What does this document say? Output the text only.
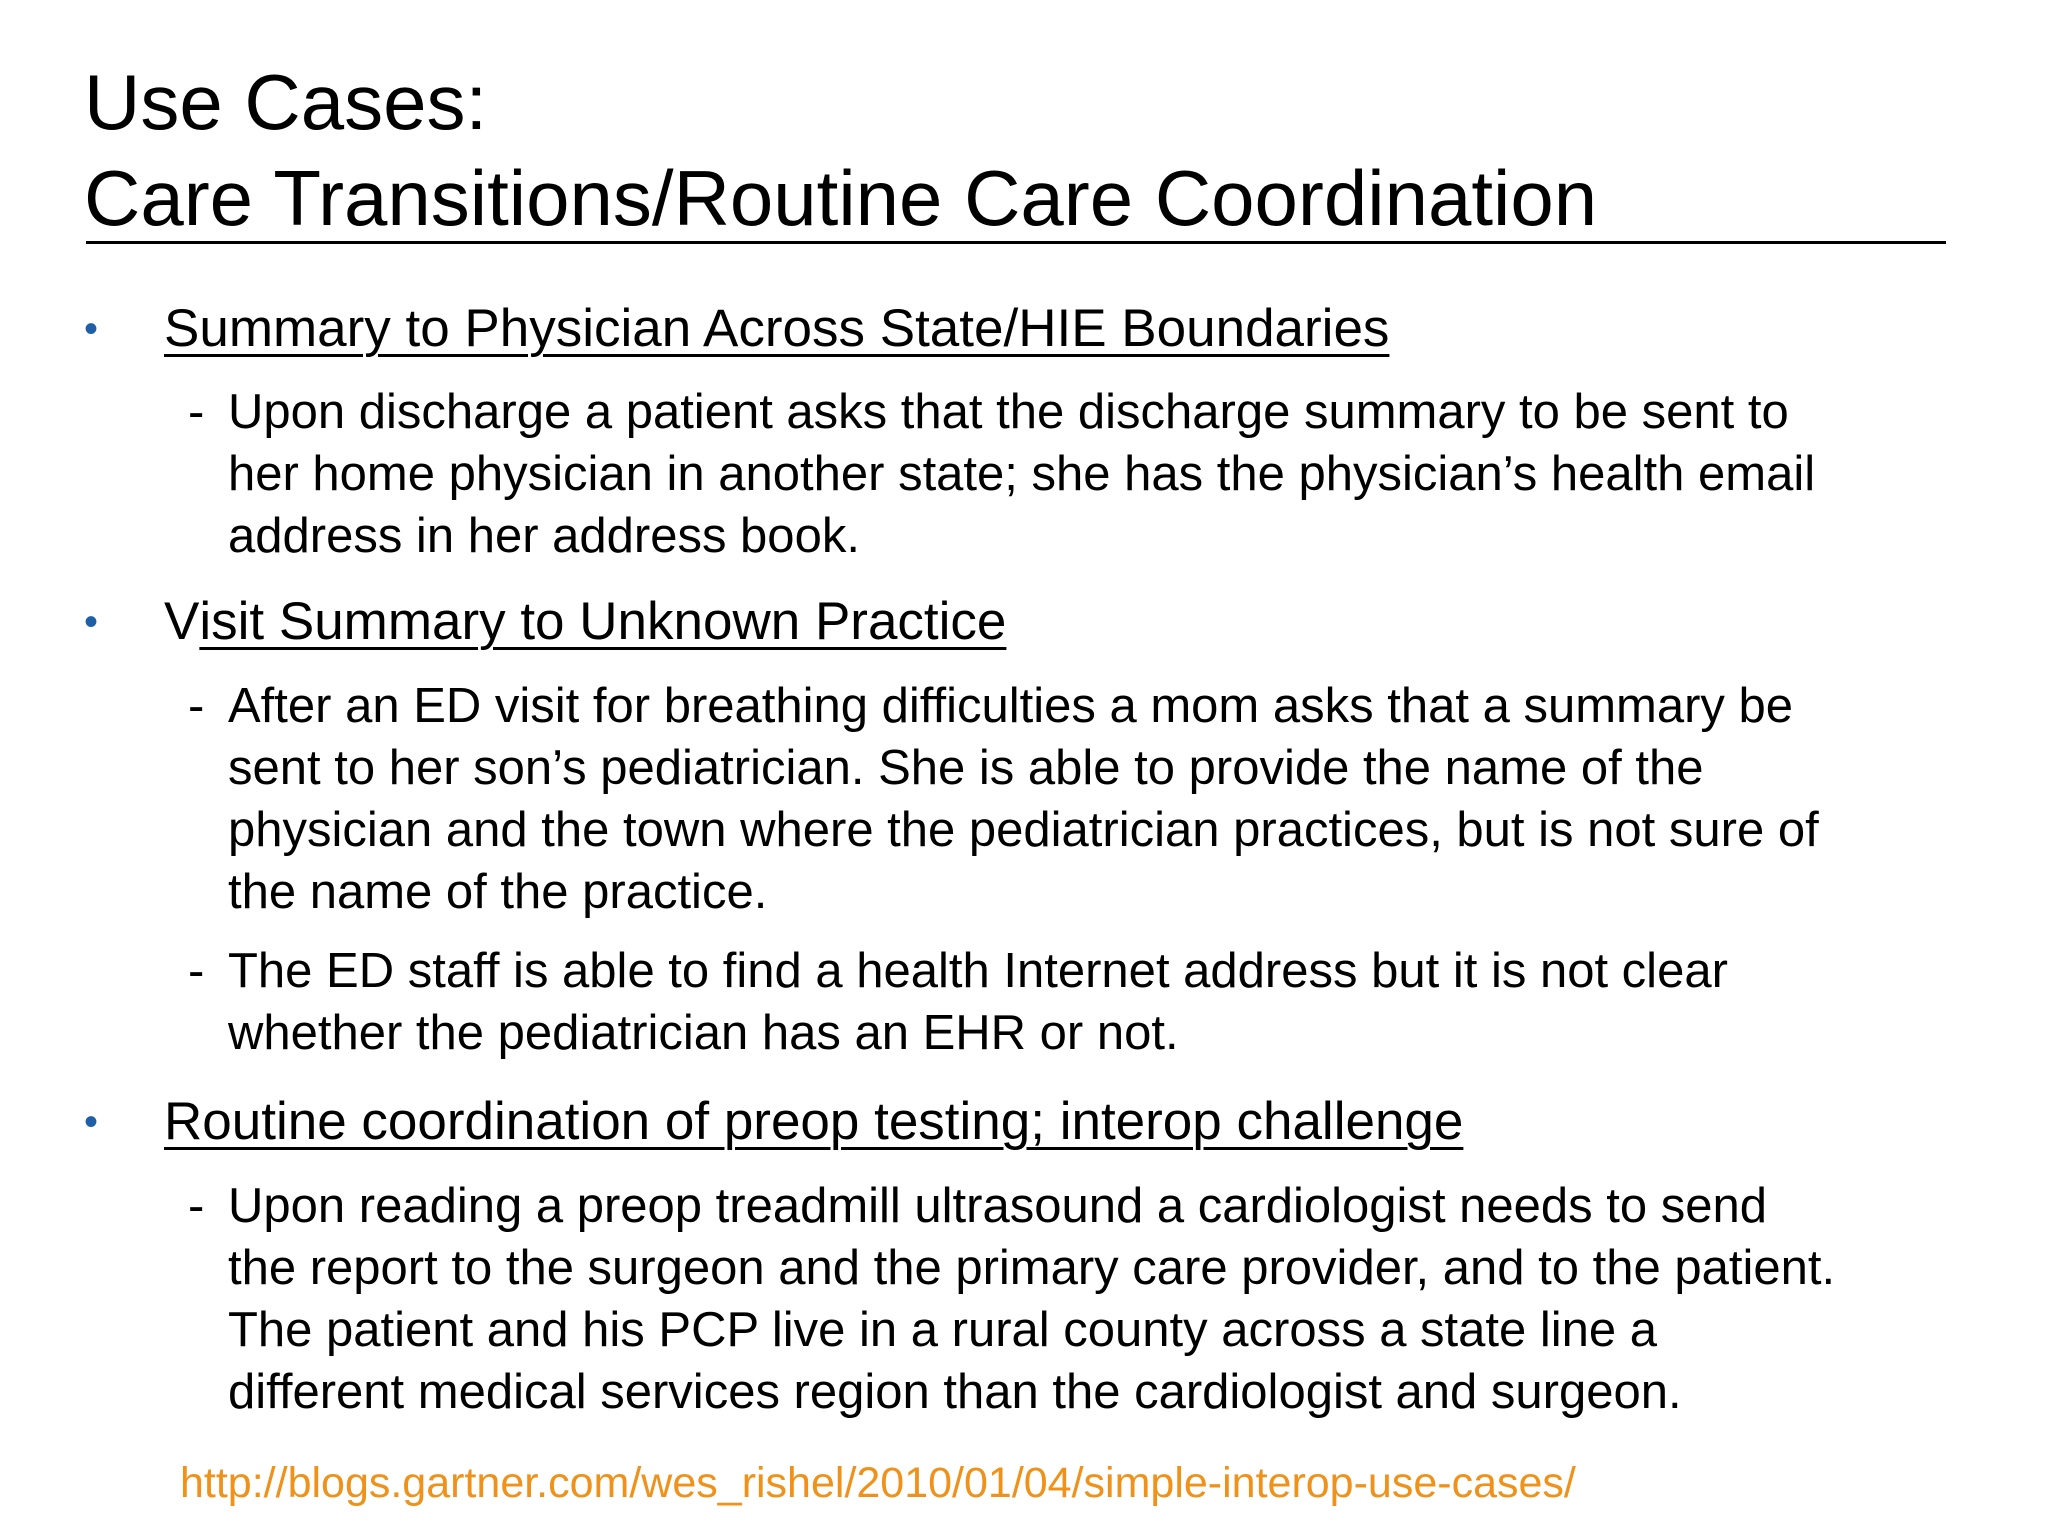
Use Cases:
Care Transitions/Routine Care Coordination
•	Summary to Physician Across State/HIE Boundaries
- Upon discharge a patient asks that the discharge summary to be sent to
her home physician in another state; she has the physician’s health email
address in her address book.
•	Visit Summary to Unknown Practice
- After an ED visit for breathing difficulties a mom asks that a summary be
sent to her son’s pediatrician. She is able to provide the name of the
physician and the town where the pediatrician practices, but is not sure of
the name of the practice.
- The ED staff is able to find a health Internet address but it is not clear
whether the pediatrician has an EHR or not.
•	Routine coordination of preop testing; interop challenge
- Upon reading a preop treadmill ultrasound a cardiologist needs to send
the report to the surgeon and the primary care provider, and to the patient.
The patient and his PCP live in a rural county across a state line a
different medical services region than the cardiologist and surgeon.
http://blogs.gartner.com/wes_rishel/2010/01/04/simple-interop-use-cases/
